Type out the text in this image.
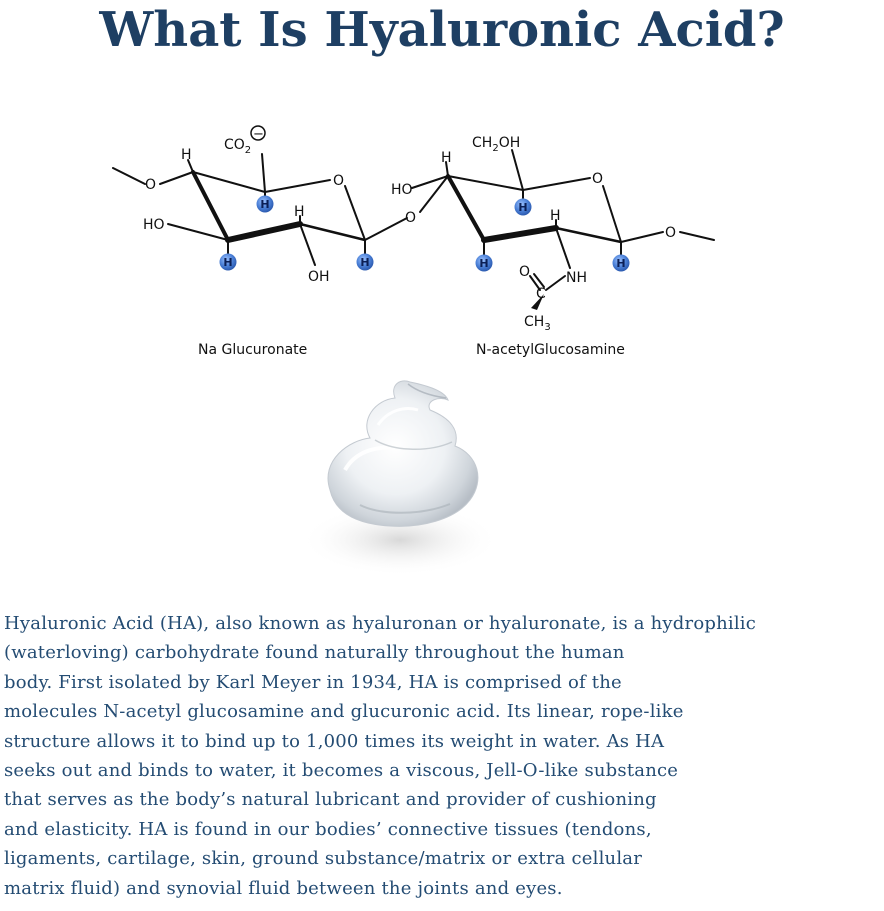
What Is Hyaluronic Acid?
H
$CO_2$
−
O	O
HO
H
OH
O
H
$CH_2OH$
HO
O
H
O
NH
O
C
$CH_3$
H
H	H
H
H	H
Na Glucuronate	N-acetylGlucosamine

Hyaluronic Acid (HA), also known as hyaluronan or hyaluronate, is a hydrophilic
(waterloving) carbohydrate found naturally throughout the human
body. First isolated by Karl Meyer in 1934, HA is comprised of the
molecules N-acetyl glucosamine and glucuronic acid. Its linear, rope-like
structure allows it to bind up to 1,000 times its weight in water. As HA
seeks out and binds to water, it becomes a viscous, Jell-O-like substance
that serves as the body’s natural lubricant and provider of cushioning
and elasticity. HA is found in our bodies’ connective tissues (tendons,
ligaments, cartilage, skin, ground substance/matrix or extra cellular
matrix fluid) and synovial fluid between the joints and eyes.
